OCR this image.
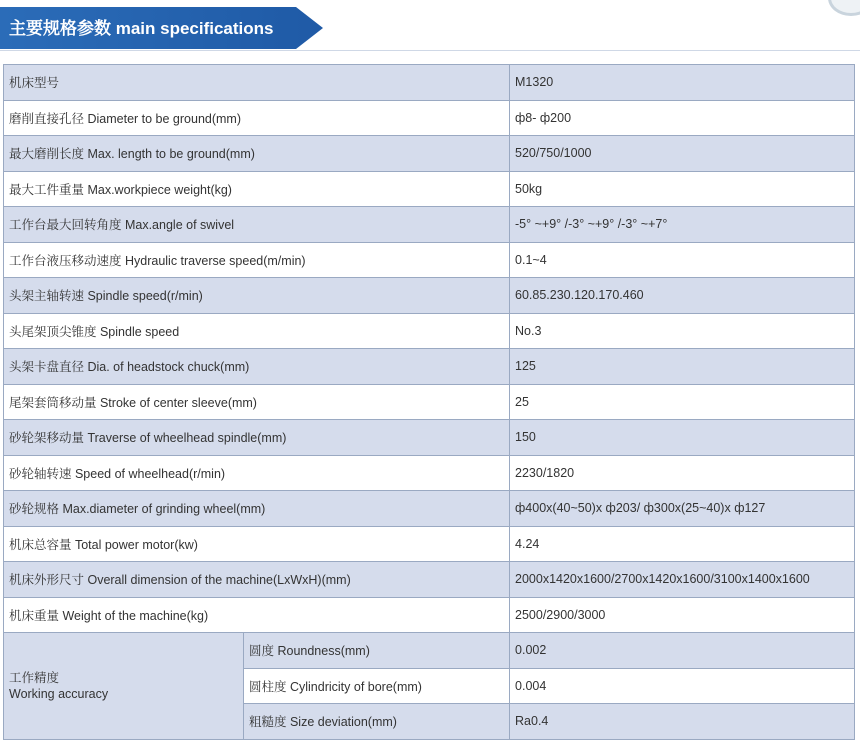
主要规格参数 main specifications
机床型号		M1320
磨削直接孔径 Diameter to be ground(mm)		ф8- ф200
最大磨削长度 Max. length to be ground(mm)		520/750/1000
最大工件重量 Max.workpiece weight(kg)		50kg
工作台最大回转角度 Max.angle of swivel		-5° ~+9° /-3° ~+9° /-3° ~+7°
工作台液压移动速度 Hydraulic traverse speed(m/min)		0.1~4
头架主轴转速 Spindle speed(r/min)		60.85.230.120.170.460
头尾架顶尖锥度 Spindle speed		No.3
头架卡盘直径 Dia. of headstock chuck(mm)		125
尾架套筒移动量 Stroke of center sleeve(mm)		25
砂轮架移动量 Traverse of wheelhead spindle(mm)		150
砂轮轴转速 Speed of wheelhead(r/min)		2230/1820
砂轮规格 Max.diameter of grinding wheel(mm)		ф400x(40~50)x ф203/ ф300x(25~40)x ф127
机床总容量 Total power motor(kw)		4.24
机床外形尺寸 Overall dimension of the machine(LxWxH)(mm)		2000x1420x1600/2700x1420x1600/3100x1400x1600
机床重量 Weight of the machine(kg)		2500/2900/3000

工作精度
Working accuracy	圆度 Roundness(mm)	0.002
	圆柱度 Cylindricity of bore(mm)	0.004
	粗糙度 Size deviation(mm)	Ra0.4
